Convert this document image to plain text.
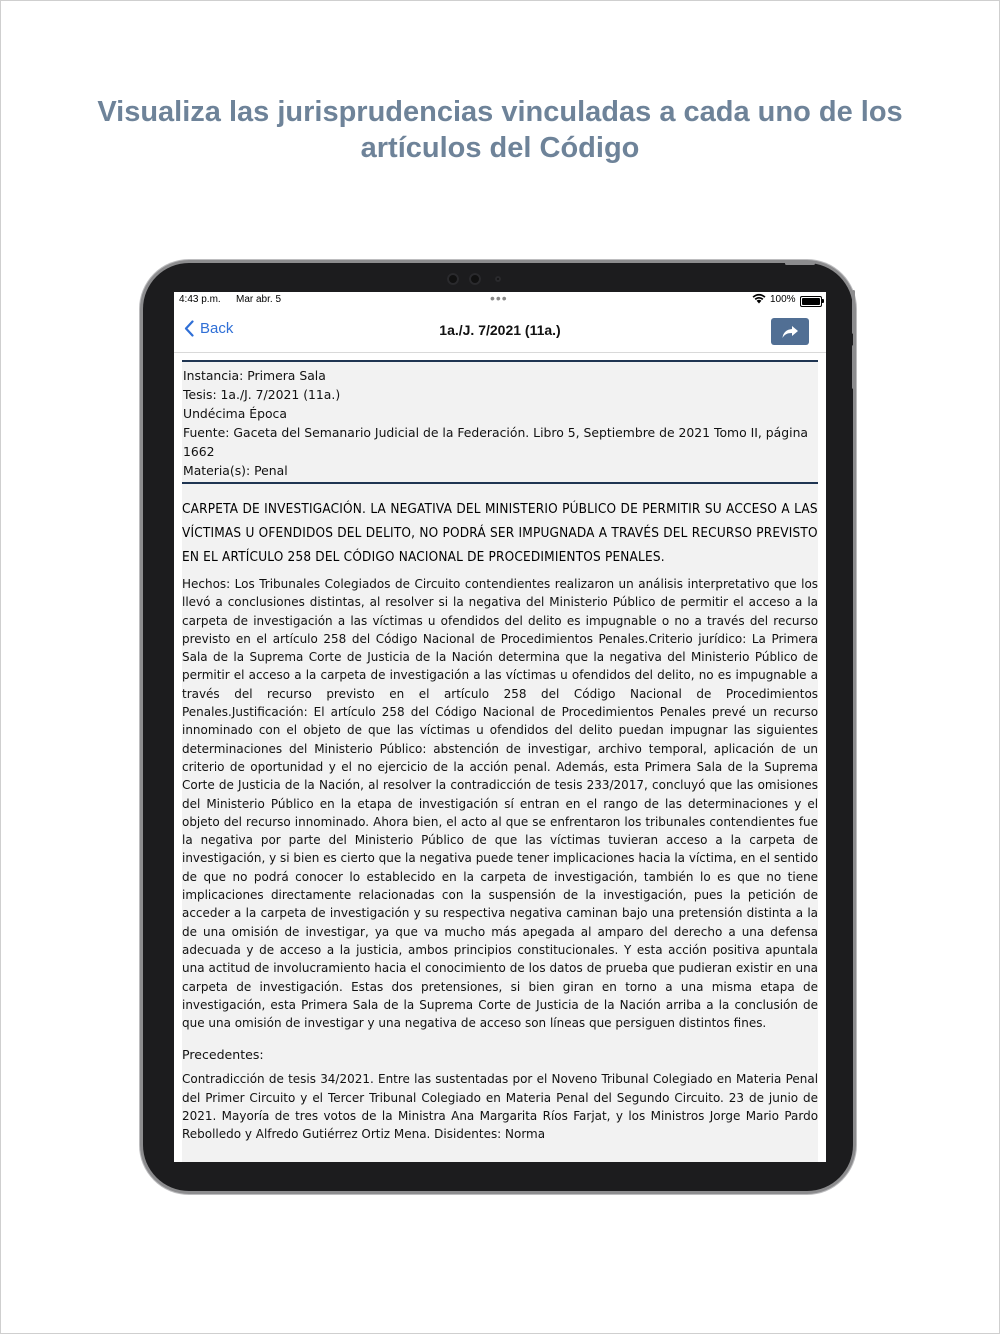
Visualiza las jurisprudencias vinculadas a cada uno de los artículos del Código
4:43 p.m. Mar abr. 5	•••	100%
Back	1a./J. 7/2021 (11a.)
Instancia: Primera Sala
Tesis: 1a./J. 7/2021 (11a.)
Undécima Época
Fuente: Gaceta del Semanario Judicial de la Federación. Libro 5, Septiembre de 2021 Tomo II, página 1662
Materia(s): Penal
CARPETA DE INVESTIGACIÓN. LA NEGATIVA DEL MINISTERIO PÚBLICO DE PERMITIR SU ACCESO A LAS VÍCTIMAS U OFENDIDOS DEL DELITO, NO PODRÁ SER IMPUGNADA A TRAVÉS DEL RECURSO PREVISTO EN EL ARTÍCULO 258 DEL CÓDIGO NACIONAL DE PROCEDIMIENTOS PENALES.
Hechos: Los Tribunales Colegiados de Circuito contendientes realizaron un análisis interpretativo que los llevó a conclusiones distintas, al resolver si la negativa del Ministerio Público de permitir el acceso a la carpeta de investigación a las víctimas u ofendidos del delito es impugnable o no a través del recurso previsto en el artículo 258 del Código Nacional de Procedimientos Penales.Criterio jurídico: La Primera Sala de la Suprema Corte de Justicia de la Nación determina que la negativa del Ministerio Público de permitir el acceso a la carpeta de investigación a las víctimas u ofendidos del delito, no es impugnable a través del recurso previsto en el artículo 258 del Código Nacional de Procedimientos Penales.Justificación: El artículo 258 del Código Nacional de Procedimientos Penales prevé un recurso innominado con el objeto de que las víctimas u ofendidos del delito puedan impugnar las siguientes determinaciones del Ministerio Público: abstención de investigar, archivo temporal, aplicación de un criterio de oportunidad y el no ejercicio de la acción penal. Además, esta Primera Sala de la Suprema Corte de Justicia de la Nación, al resolver la contradicción de tesis 233/2017, concluyó que las omisiones del Ministerio Público en la etapa de investigación sí entran en el rango de las determinaciones y el objeto del recurso innominado. Ahora bien, el acto al que se enfrentaron los tribunales contendientes fue la negativa por parte del Ministerio Público de que las víctimas tuvieran acceso a la carpeta de investigación, y si bien es cierto que la negativa puede tener implicaciones hacia la víctima, en el sentido de que no podrá conocer lo establecido en la carpeta de investigación, también lo es que no tiene implicaciones directamente relacionadas con la suspensión de la investigación, pues la petición de acceder a la carpeta de investigación y su respectiva negativa caminan bajo una pretensión distinta a la de una omisión de investigar, ya que va mucho más apegada al amparo del derecho a una defensa adecuada y de acceso a la justicia, ambos principios constitucionales. Y esta acción positiva apuntala una actitud de involucramiento hacia el conocimiento de los datos de prueba que pudieran existir en una carpeta de investigación. Estas dos pretensiones, si bien giran en torno a una misma etapa de investigación, esta Primera Sala de la Suprema Corte de Justicia de la Nación arriba a la conclusión de que una omisión de investigar y una negativa de acceso son líneas que persiguen distintos fines.
Precedentes:
Contradicción de tesis 34/2021. Entre las sustentadas por el Noveno Tribunal Colegiado en Materia Penal del Primer Circuito y el Tercer Tribunal Colegiado en Materia Penal del Segundo Circuito. 23 de junio de 2021. Mayoría de tres votos de la Ministra Ana Margarita Ríos Farjat, y los Ministros Jorge Mario Pardo Rebolledo y Alfredo Gutiérrez Ortiz Mena. Disidentes: Norma
